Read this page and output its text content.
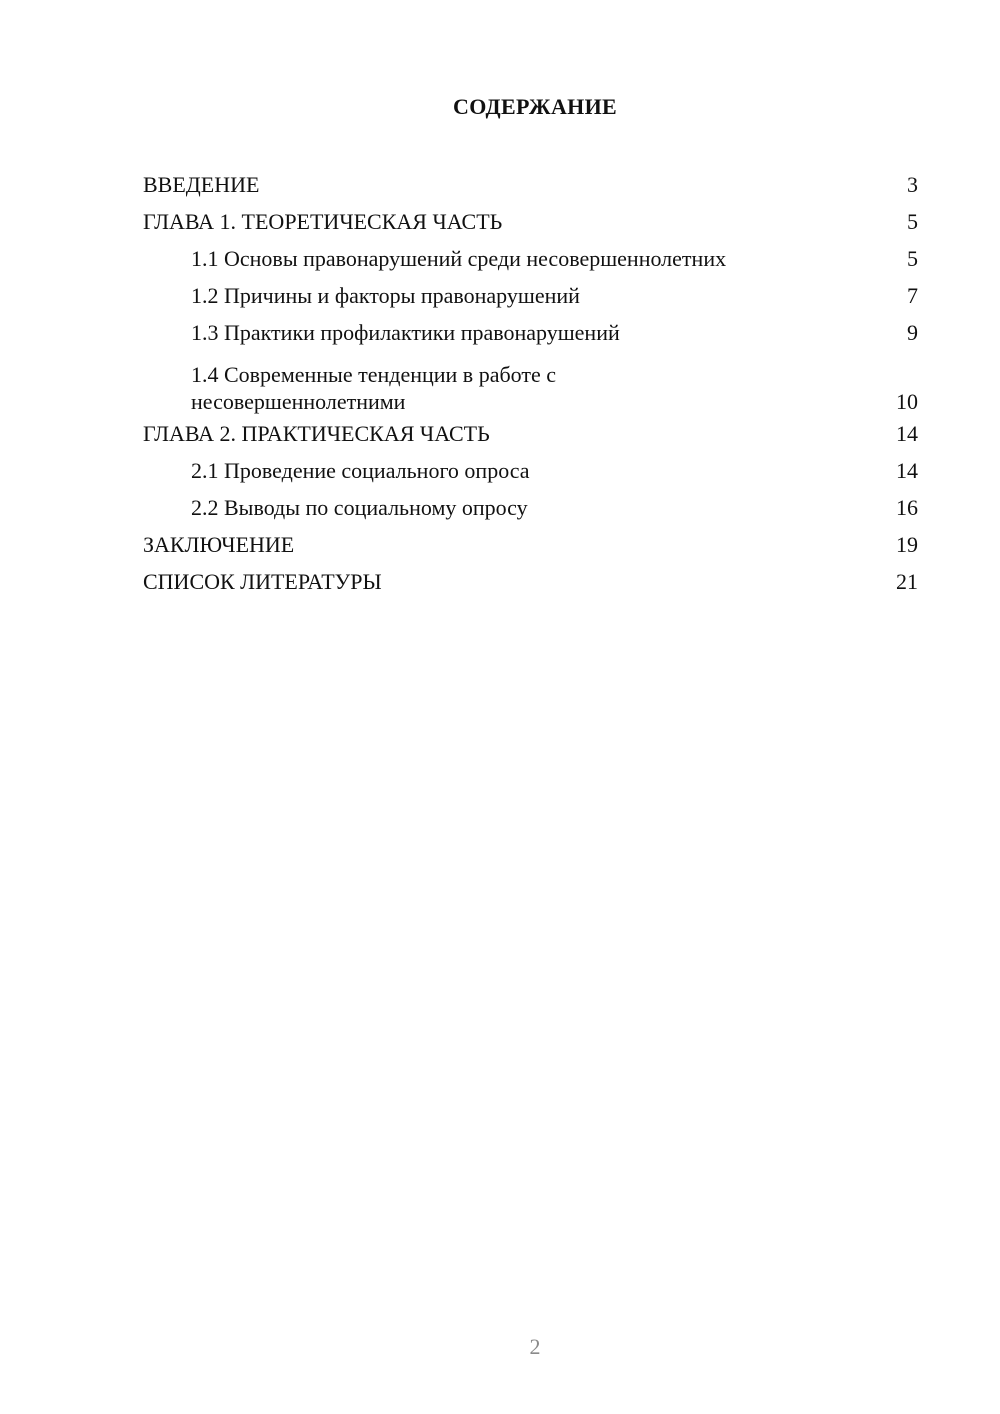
СОДЕРЖАНИЕ
ВВЕДЕНИЕ	3
ГЛАВА 1. ТЕОРЕТИЧЕСКАЯ ЧАСТЬ	5
1.1 Основы правонарушений среди несовершеннолетних	5
1.2 Причины и факторы правонарушений	7
1.3 Практики профилактики правонарушений	9
1.4 Современные тенденции в работе с несовершеннолетними	10
ГЛАВА 2. ПРАКТИЧЕСКАЯ ЧАСТЬ	14
2.1 Проведение социального опроса	14
2.2 Выводы по социальному опросу	16
ЗАКЛЮЧЕНИЕ	19
СПИСОК ЛИТЕРАТУРЫ	21
2
